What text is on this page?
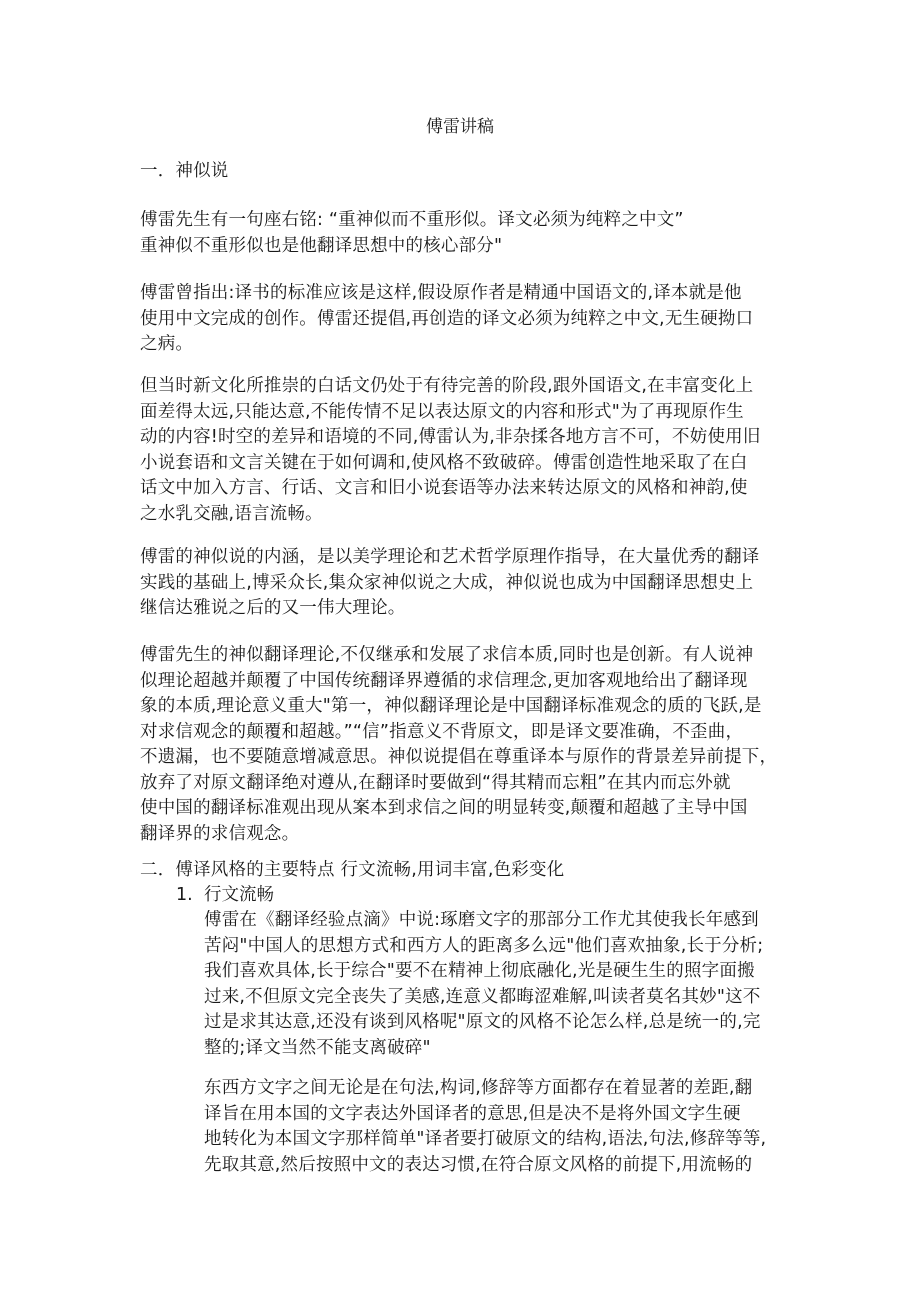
傅雷讲稿
一．神似说
傅雷先生有一句座右铭: “重神似而不重形似。译文必须为纯粹之中文”
重神似不重形似也是他翻译思想中的核心部分"
傅雷曾指出:译书的标准应该是这样,假设原作者是精通中国语文的,译本就是他
使用中文完成的创作。傅雷还提倡,再创造的译文必须为纯粹之中文,无生硬拗口
之病。
但当时新文化所推崇的白话文仍处于有待完善的阶段,跟外国语文,在丰富变化上
面差得太远,只能达意,不能传情不足以表达原文的内容和形式"为了再现原作生
动的内容!时空的差异和语境的不同,傅雷认为,非杂揉各地方言不可，不妨使用旧
小说套语和文言关键在于如何调和,使风格不致破碎。傅雷创造性地采取了在白
话文中加入方言、行话、文言和旧小说套语等办法来转达原文的风格和神韵,使
之水乳交融,语言流畅。
傅雷的神似说的内涵，是以美学理论和艺术哲学原理作指导，在大量优秀的翻译
实践的基础上,博采众长,集众家神似说之大成，神似说也成为中国翻译思想史上
继信达雅说之后的又一伟大理论。
傅雷先生的神似翻译理论,不仅继承和发展了求信本质,同时也是创新。有人说神
似理论超越并颠覆了中国传统翻译界遵循的求信理念,更加客观地给出了翻译现
象的本质,理论意义重大"第一，神似翻译理论是中国翻译标准观念的质的飞跃,是
对求信观念的颠覆和超越。”“信”指意义不背原文，即是译文要准确，不歪曲，
不遗漏，也不要随意增减意思。神似说提倡在尊重译本与原作的背景差异前提下，
放弃了对原文翻译绝对遵从,在翻译时要做到“得其精而忘粗”在其内而忘外就
使中国的翻译标准观出现从案本到求信之间的明显转变,颠覆和超越了主导中国
翻译界的求信观念。
二．傅译风格的主要特点 行文流畅,用词丰富,色彩变化
1. 行文流畅
傅雷在《翻译经验点滴》中说:琢磨文字的那部分工作尤其使我长年感到
苦闷"中国人的思想方式和西方人的距离多么远"他们喜欢抽象,长于分析;
我们喜欢具体,长于综合"要不在精神上彻底融化,光是硬生生的照字面搬
过来,不但原文完全丧失了美感,连意义都晦涩难解,叫读者莫名其妙"这不
过是求其达意,还没有谈到风格呢"原文的风格不论怎么样,总是统一的,完
整的;译文当然不能支离破碎"
东西方文字之间无论是在句法,构词,修辞等方面都存在着显著的差距,翻
译旨在用本国的文字表达外国译者的意思,但是决不是将外国文字生硬
地转化为本国文字那样简单"译者要打破原文的结构,语法,句法,修辞等等,
先取其意,然后按照中文的表达习惯,在符合原文风格的前提下,用流畅的
